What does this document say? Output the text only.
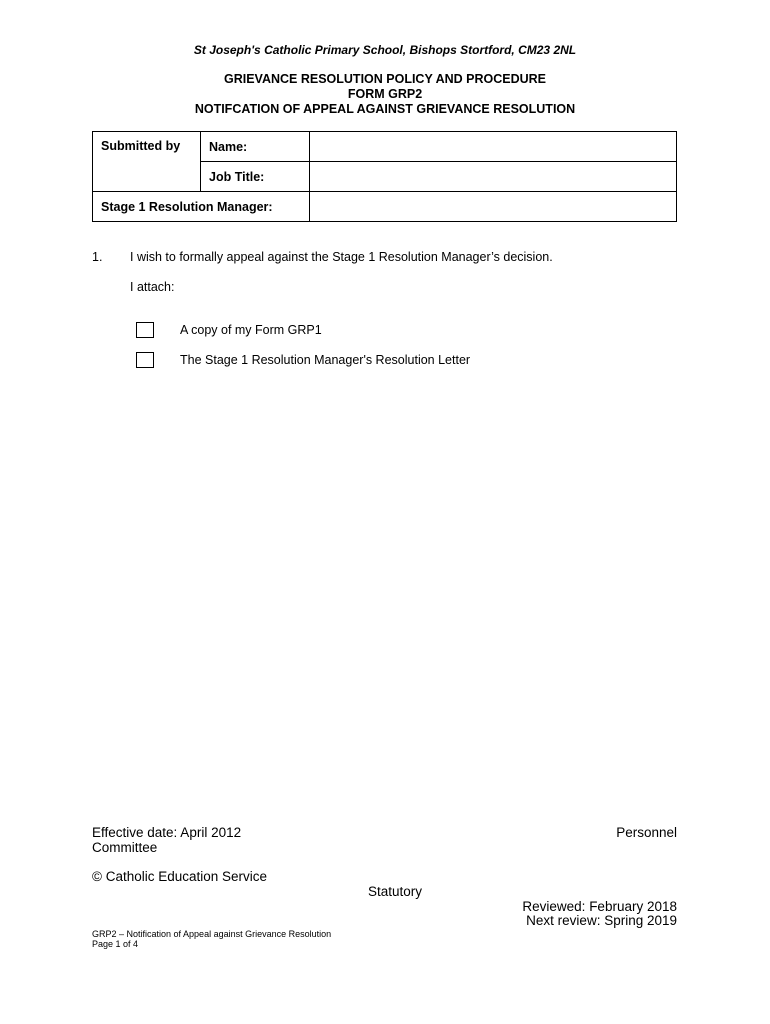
St Joseph's Catholic Primary School, Bishops Stortford, CM23 2NL
GRIEVANCE RESOLUTION POLICY AND PROCEDURE
FORM GRP2
NOTIFCATION OF APPEAL AGAINST GRIEVANCE RESOLUTION
Submitted by	Name:	
	Job Title:	
Stage 1 Resolution Manager:		
1. I wish to formally appeal against the Stage 1 Resolution Manager’s decision.
I attach:
A copy of my Form GRP1
The Stage 1 Resolution Manager's Resolution Letter
Effective date: April 2012	Personnel
Committee
© Catholic Education Service
Statutory
Reviewed: February 2018
Next review: Spring 2019
GRP2 – Notification of Appeal against Grievance Resolution
Page 1 of 4
